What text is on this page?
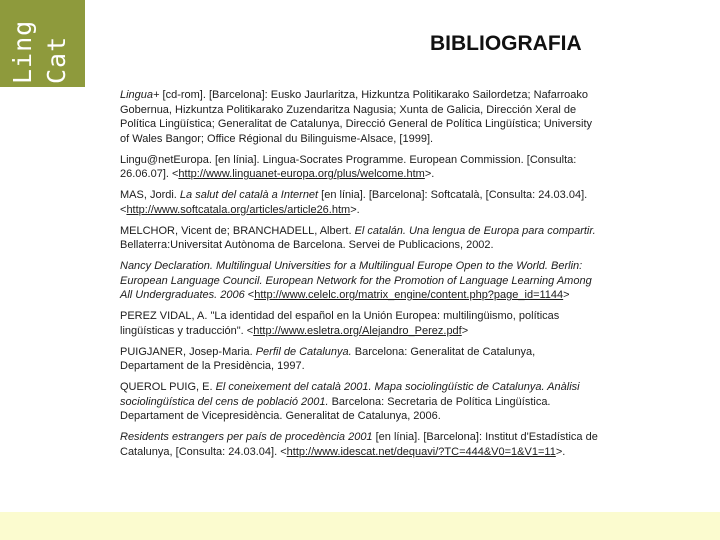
Ling Cat	BIBLIOGRAFIA

Lingua+ [cd-rom]. [Barcelona]: Eusko Jaurlaritza, Hizkuntza Politikarako Sailordetza; Nafarroako Gobernua, Hizkuntza Politikarako Zuzendaritza Nagusia; Xunta de Galicia, Dirección Xeral de Política Lingüística; Generalitat de Catalunya, Direcció General de Política Lingüística; University of Wales Bangor; Office Régional du Bilinguisme-Alsace, [1999].

Lingu@netEuropa. [en línia]. Lingua-Socrates Programme. European Commission. [Consulta: 26.06.07]. <http://www.linguanet-europa.org/plus/welcome.htm>.

MAS, Jordi. La salut del català a Internet [en línia]. [Barcelona]: Softcatalà, [Consulta: 24.03.04]. <http://www.softcatala.org/articles/article26.htm>.

MELCHOR, Vicent de; BRANCHADELL, Albert. El catalán. Una lengua de Europa para compartir. Bellaterra:Universitat Autònoma de Barcelona. Servei de Publicacions, 2002.

Nancy Declaration. Multilingual Universities for a Multilingual Europe Open to the World. Berlin: European Language Council. European Network for the Promotion of Language Learning Among All Undergraduates. 2006 <http://www.celelc.org/matrix_engine/content.php?page_id=1144>

PEREZ VIDAL, A. "La identidad del español en la Unión Europea: multilingüismo, políticas lingüísticas y traducción". <http://www.esletra.org/Alejandro_Perez.pdf>

PUIGJANER, Josep-Maria. Perfil de Catalunya. Barcelona: Generalitat de Catalunya, Departament de la Presidència, 1997.

QUEROL PUIG, E. El coneixement del català 2001. Mapa sociolingüístic de Catalunya. Anàlisi sociolingüística del cens de població 2001. Barcelona: Secretaria de Política Lingüística. Departament de Vicepresidència. Generalitat de Catalunya, 2006.

Residents estrangers per país de procedència 2001 [en línia]. [Barcelona]: Institut d'Estadística de Catalunya, [Consulta: 24.03.04]. <http://www.idescat.net/dequavi/?TC=444&V0=1&V1=11>.
